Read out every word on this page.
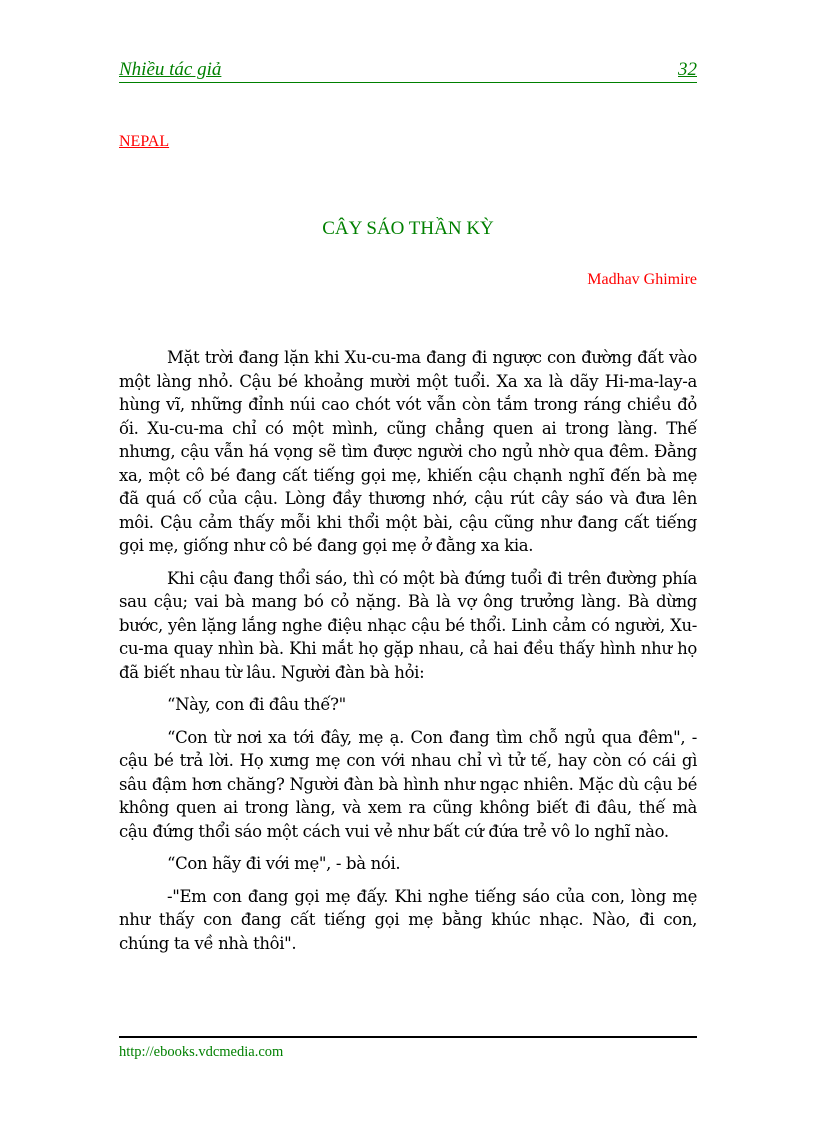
Nhiều tác giả	32
NEPAL
CÂY SÁO THẦN KỲ
Madhav Ghimire

Mặt trời đang lặn khi Xu-cu-ma đang đi ngược con đường đất vào một làng nhỏ. Cậu bé khoảng mười một tuổi. Xa xa là dãy Hi-ma-lay-a hùng vĩ, những đỉnh núi cao chót vót vẫn còn tắm trong ráng chiều đỏ ối. Xu-cu-ma chỉ có một mình, cũng chẳng quen ai trong làng. Thế nhưng, cậu vẫn há vọng sẽ tìm được người cho ngủ nhờ qua đêm. Đằng xa, một cô bé đang cất tiếng gọi mẹ, khiến cậu chạnh nghĩ đến bà mẹ đã quá cố của cậu. Lòng đầy thương nhớ, cậu rút cây sáo và đưa lên môi. Cậu cảm thấy mỗi khi thổi một bài, cậu cũng như đang cất tiếng gọi mẹ, giống như cô bé đang gọi mẹ ở đằng xa kia.

Khi cậu đang thổi sáo, thì có một bà đứng tuổi đi trên đường phía sau cậu; vai bà mang bó cỏ nặng. Bà là vợ ông trưởng làng. Bà dừng bước, yên lặng lắng nghe điệu nhạc cậu bé thổi. Linh cảm có người, Xu-cu-ma quay nhìn bà. Khi mắt họ gặp nhau, cả hai đều thấy hình như họ đã biết nhau từ lâu. Người đàn bà hỏi:

“Này, con đi đâu thế?"

“Con từ nơi xa tới đây, mẹ ạ. Con đang tìm chỗ ngủ qua đêm", - cậu bé trả lời. Họ xưng mẹ con với nhau chỉ vì tử tế, hay còn có cái gì sâu đậm hơn chăng? Người đàn bà hình như ngạc nhiên. Mặc dù cậu bé không quen ai trong làng, và xem ra cũng không biết đi đâu, thế mà cậu đứng thổi sáo một cách vui vẻ như bất cứ đứa trẻ vô lo nghĩ nào.

“Con hãy đi với mẹ", - bà nói.

-"Em con đang gọi mẹ đấy. Khi nghe tiếng sáo của con, lòng mẹ như thấy con đang cất tiếng gọi mẹ bằng khúc nhạc. Nào, đi con, chúng ta về nhà thôi".

http://ebooks.vdcmedia.com
